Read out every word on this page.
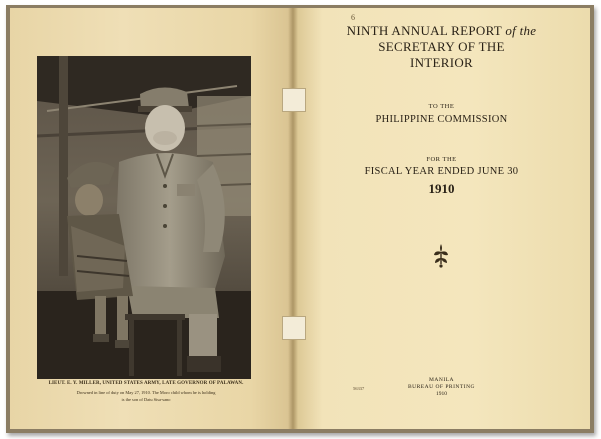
LIEUT. E. Y. MILLER, UNITED STATES ARMY, LATE GOVERNOR OF PALAWAN.
Drowned in line of duty on May 27, 1910. The Moro child whom he is holding
is the son of Datu Sisa-sano
6
NINTH ANNUAL REPORT of the
SECRETARY OF THE
INTERIOR
TO THE
PHILIPPINE COMMISSION
FOR THE
FISCAL YEAR ENDED JUNE 30
1910
MANILA
BUREAU OF PRINTING
1910
56337
